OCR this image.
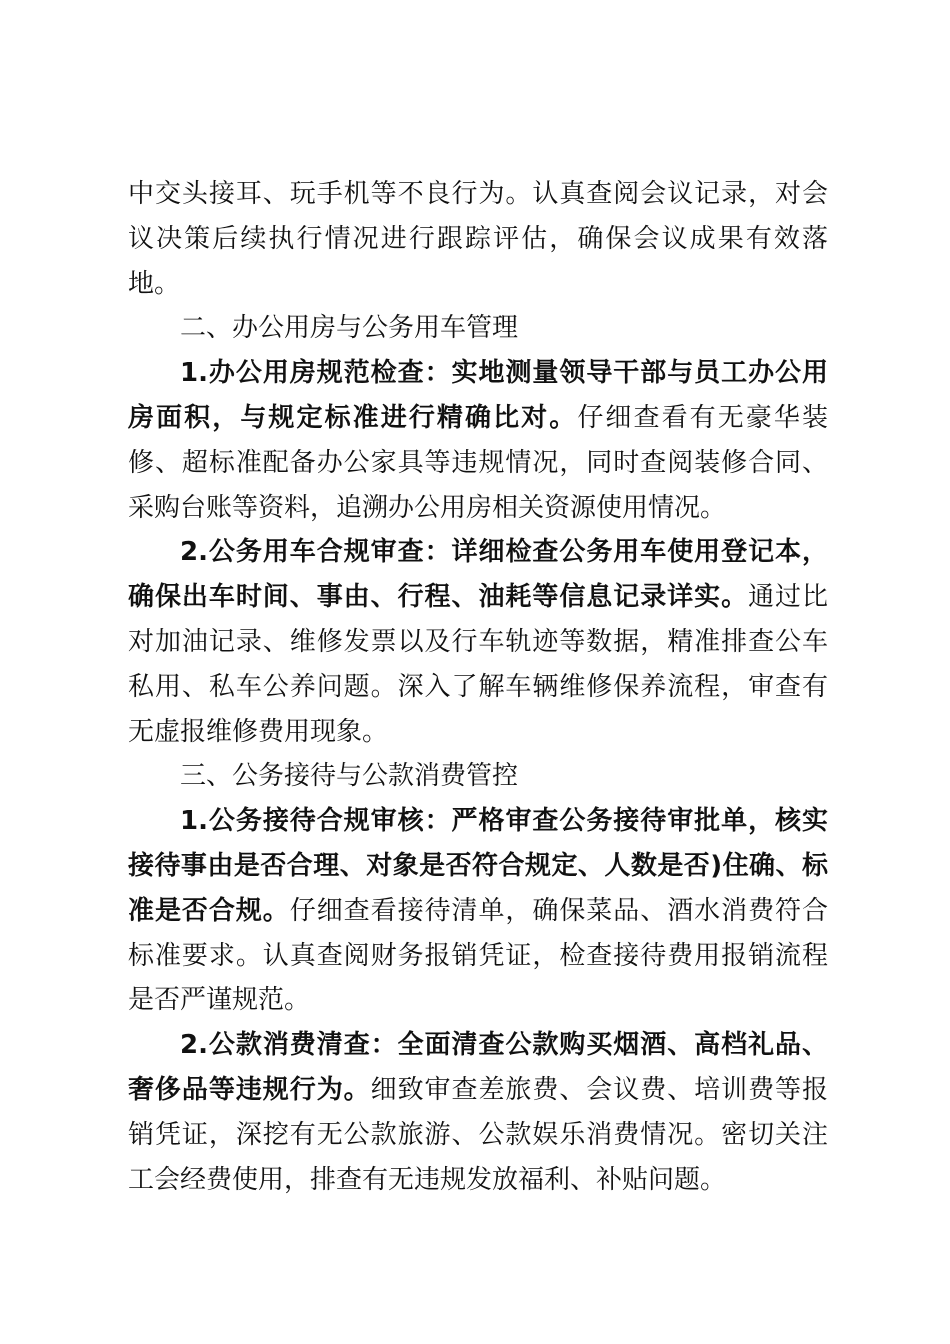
中交头接耳、玩手机等不良行为。认真查阅会议记录，对会议决策后续执行情况进行跟踪评估，确保会议成果有效落地。

二、办公用房与公务用车管理

1.办公用房规范检查：实地测量领导干部与员工办公用房面积，与规定标准进行精确比对。仔细查看有无豪华装修、超标准配备办公家具等违规情况，同时查阅装修合同、采购台账等资料，追溯办公用房相关资源使用情况。

2.公务用车合规审查：详细检查公务用车使用登记本，确保出车时间、事由、行程、油耗等信息记录详实。通过比对加油记录、维修发票以及行车轨迹等数据，精准排查公车私用、私车公养问题。深入了解车辆维修保养流程，审查有无虚报维修费用现象。

三、公务接待与公款消费管控

1.公务接待合规审核：严格审查公务接待审批单，核实接待事由是否合理、对象是否符合规定、人数是否)住确、标准是否合规。仔细查看接待清单，确保菜品、酒水消费符合标准要求。认真查阅财务报销凭证，检查接待费用报销流程是否严谨规范。

2.公款消费清查：全面清查公款购买烟酒、高档礼品、奢侈品等违规行为。细致审查差旅费、会议费、培训费等报销凭证，深挖有无公款旅游、公款娱乐消费情况。密切关注工会经费使用，排查有无违规发放福利、补贴问题。
